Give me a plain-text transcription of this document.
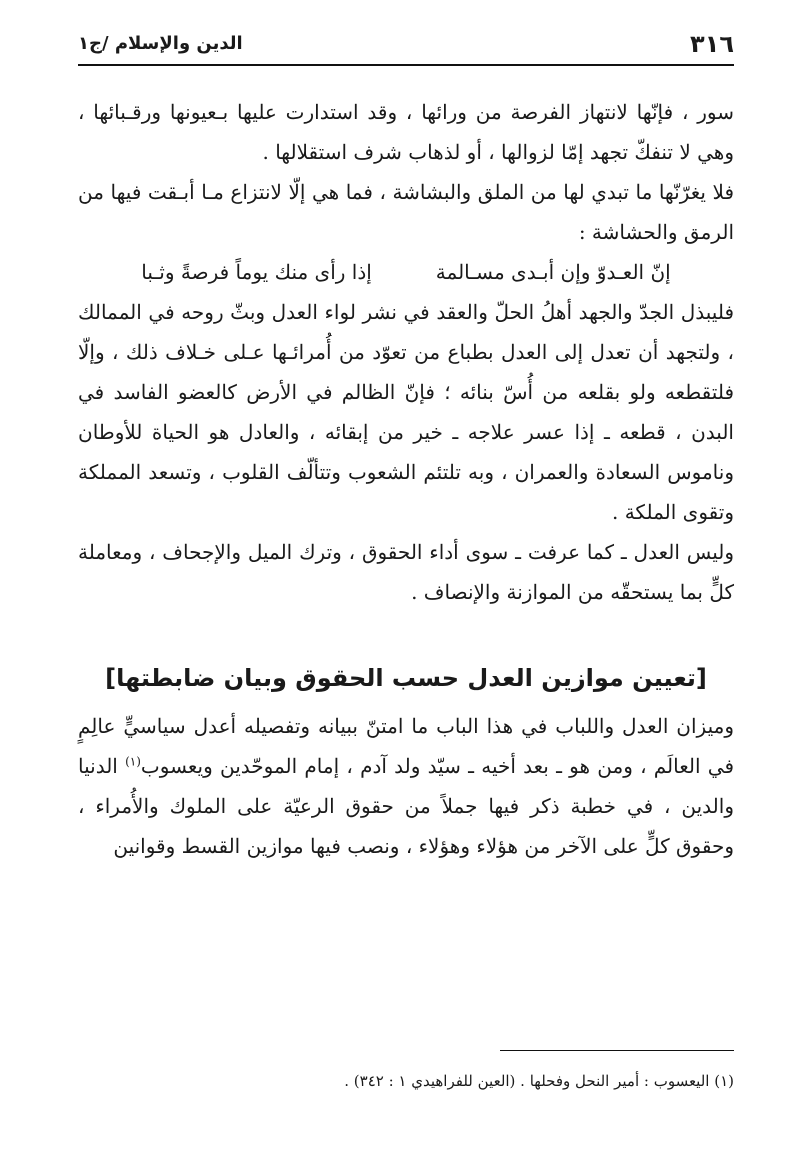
٣١٦
الدين والإسلام /ج١

سور ، فإنّها لانتهاز الفرصة من ورائها ، وقد استدارت عليها بـعيونها ورقـبائها ، وهي لا تنفكّ تجهد إمّا لزوالها ، أو لذهاب شرف استقلالها .

فلا يغرّنّها ما تبدي لها من الملق والبشاشة ، فما هي إلّا لانتزاع مـا أبـقت فيها من الرمق والحشاشة :

إنّ العـدوّ وإن أبـدى مسـالمة
إذا رأى منك يوماً فرصةً وثـبا

فليبذل الجدّ والجهد أهلُ الحلّ والعقد في نشر لواء العدل وبثّ روحه في الممالك ، ولتجهد أن تعدل إلى العدل بطباع من تعوّد من أُمرائـها عـلى خـلاف ذلك ، وإلّا فلتقطعه ولو بقلعه من أُسّ بنائه ؛ فإنّ الظالم في الأرض كالعضو الفاسد في البدن ، قطعه ـ إذا عسر علاجه ـ خير من إبقائه ، والعادل هو الحياة للأوطان وناموس السعادة والعمران ، وبه تلتئم الشعوب وتتألّف القلوب ، وتسعد المملكة وتقوى الملكة .

وليس العدل ـ كما عرفت ـ سوى أداء الحقوق ، وترك الميل والإجحاف ، ومعاملة كلٍّ بما يستحقّه من الموازنة والإنصاف .

[تعيين موازين العدل حسب الحقوق وبيان ضابطتها]

وميزان العدل واللباب في هذا الباب ما امتنّ ببيانه وتفصيله أعدل سياسيٍّ عالِمٍ في العالَم ، ومن هو ـ بعد أخيه ـ سيّد ولد آدم ، إمام الموحّدين ويعسوب$^{(١)}$ الدنيا والدين ، في خطبة ذكر فيها جملاً من حقوق الرعيّة على الملوك والأُمراء ، وحقوق كلٍّ على الآخر من هؤلاء وهؤلاء ، ونصب فيها موازين القسط وقوانين

(١) اليعسوب : أمير النحل وفحلها . (العين للفراهيدي ١ : ٣٤٢) .
